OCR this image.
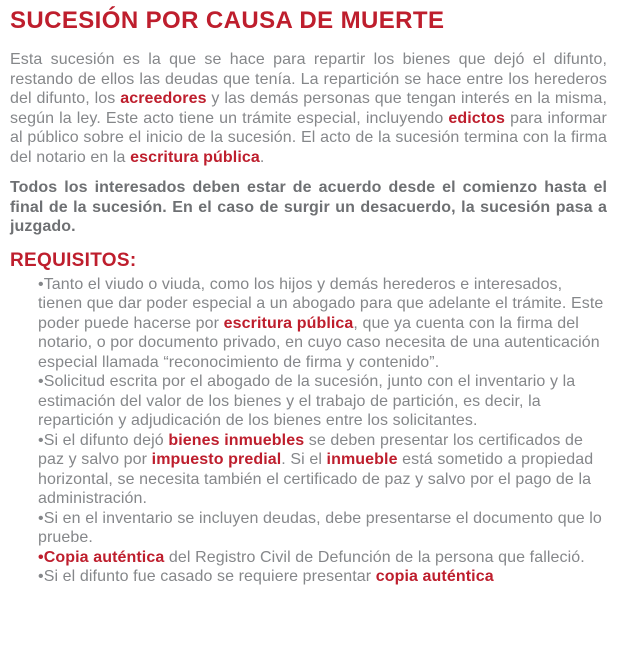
SUCESIÓN POR CAUSA DE MUERTE

Esta sucesión es la que se hace para repartir los bienes que dejó el difunto, restando de ellos las deudas que tenía. La repartición se hace entre los herederos del difunto, los acreedores y las demás personas que tengan interés en la misma, según la ley. Este acto tiene un trámite especial, incluyendo edictos para informar al público sobre el inicio de la sucesión. El acto de la sucesión termina con la firma del notario en la escritura pública.

Todos los interesados deben estar de acuerdo desde el comienzo hasta el final de la sucesión. En el caso de surgir un desacuerdo, la sucesión pasa a juzgado.

REQUISITOS:

•Tanto el viudo o viuda, como los hijos y demás herederos e interesados, tienen que dar poder especial a un abogado para que adelante el trámite. Este poder puede hacerse por escritura pública, que ya cuenta con la firma del notario, o por documento privado, en cuyo caso necesita de una autenticación especial llamada “reconocimiento de firma y contenido”.

•Solicitud escrita por el abogado de la sucesión, junto con el inventario y la estimación del valor de los bienes y el trabajo de partición, es decir, la repartición y adjudicación de los bienes entre los solicitantes.

•Si el difunto dejó bienes inmuebles se deben presentar los certificados de paz y salvo por impuesto predial. Si el inmueble está sometido a propiedad horizontal, se necesita también el certificado de paz y salvo por el pago de la administración.

•Si en el inventario se incluyen deudas, debe presentarse el documento que lo pruebe.

•Copia auténtica del Registro Civil de Defunción de la persona que falleció.

•Si el difunto fue casado se requiere presentar copia auténtica
